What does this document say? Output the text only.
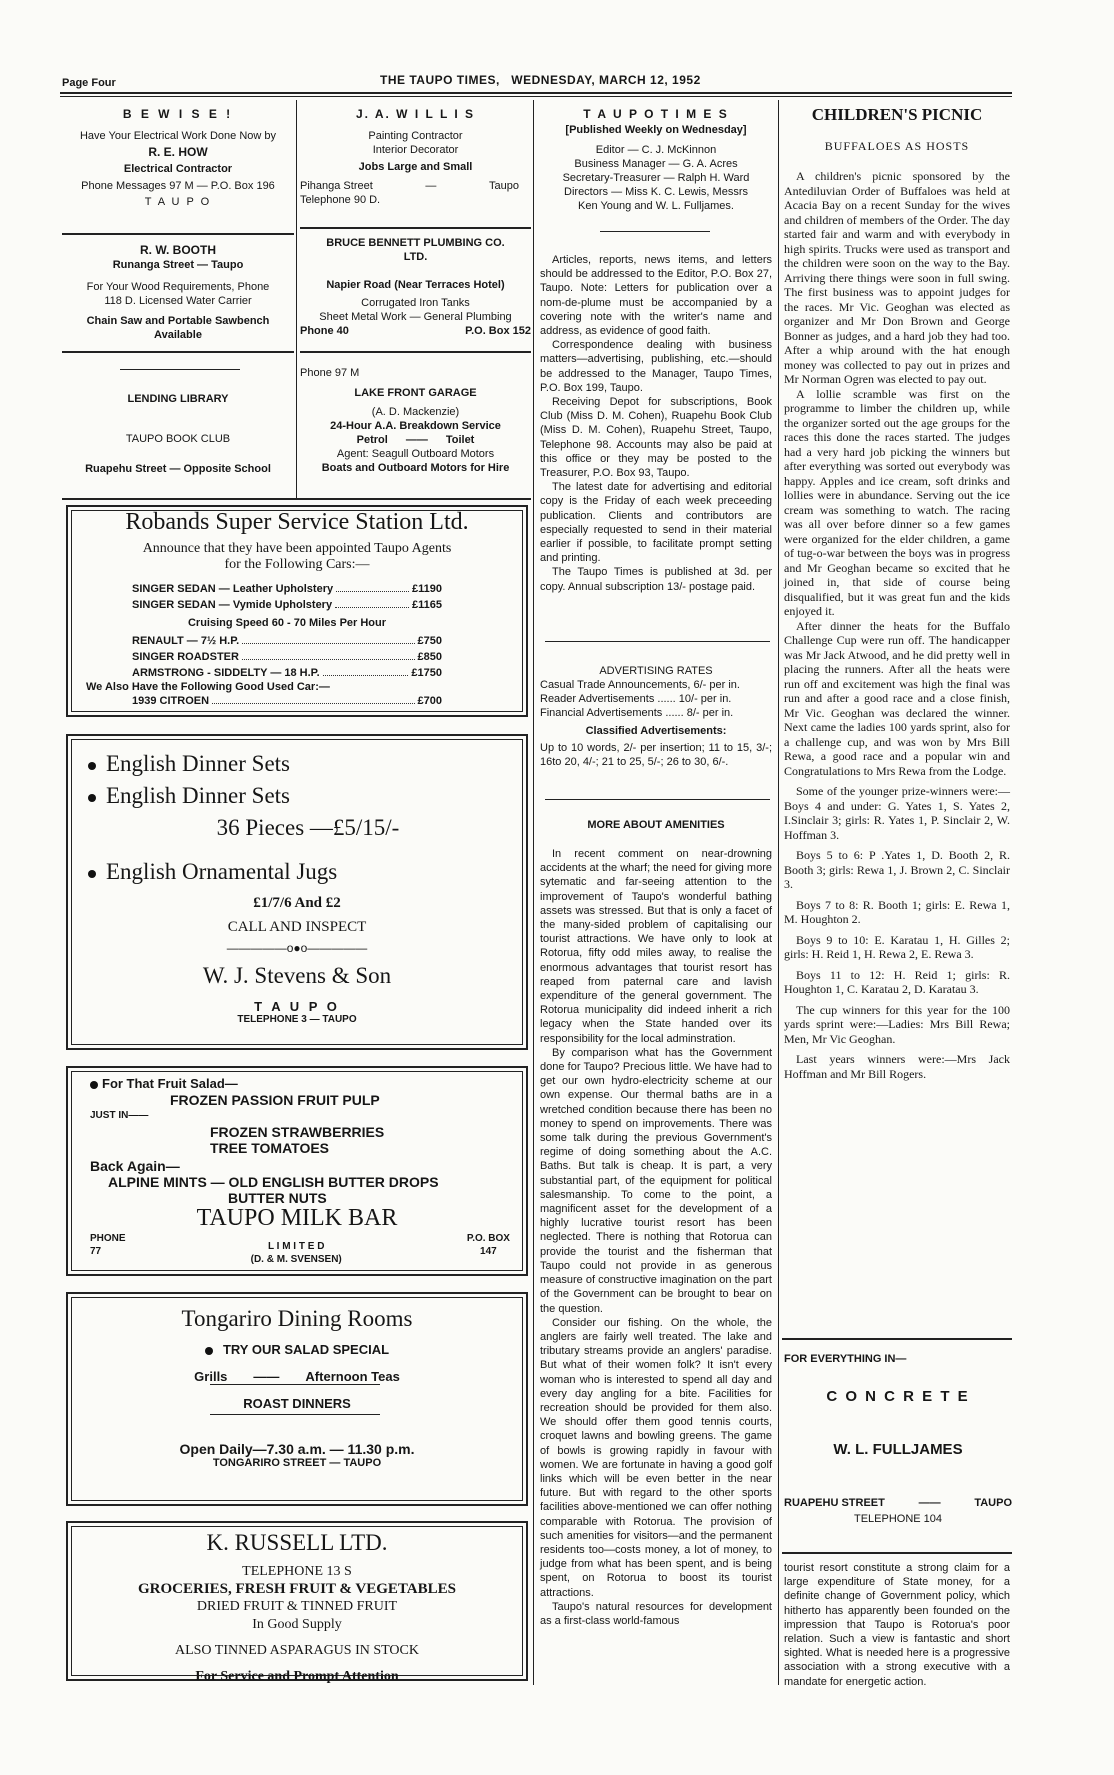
Page Four	THE TAUPO TIMES, WEDNESDAY, MARCH 12, 1952
B E W I S E !
Have Your Electrical Work Done Now by
R. E. HOW
Electrical Contractor
Phone Messages 97 M — P.O. Box 196
T A U P O
R. W. BOOTH
Runanga Street — Taupo
For Your Wood Requirements, Phone
118 D. Licensed Water Carrier
Chain Saw and Portable Sawbench
Available
LENDING LIBRARY
TAUPO BOOK CLUB
Ruapehu Street — Opposite School
J. A. W I L L I S
Painting Contractor
Interior Decorator
Jobs Large and Small
Pihanga Street	—	Taupo
Telephone 90 D.
BRUCE BENNETT PLUMBING CO.
LTD.
Napier Road (Near Terraces Hotel)
Corrugated Iron Tanks
Sheet Metal Work — General Plumbing
Phone 40	P.O. Box 152
Phone 97 M
LAKE FRONT GARAGE
(A. D. Mackenzie)
24-Hour A.A. Breakdown Service
Petrol —— Toilet
Agent: Seagull Outboard Motors
Boats and Outboard Motors for Hire
Robands Super Service Station Ltd.
Announce that they have been appointed Taupo Agents
for the Following Cars:—
SINGER SEDAN — Leather Upholstery	£1190
SINGER SEDAN — Vymide Upholstery	£1165
Cruising Speed 60 - 70 Miles Per Hour
RENAULT — 7½ H.P.	£750
SINGER ROADSTER	£850
ARMSTRONG - SIDDELTY — 18 H.P.	£1750
We Also Have the Following Good Used Car:—
1939 CITROEN	£700
English Dinner Sets
English Dinner Sets
36 Pieces —£5/15/-
English Ornamental Jugs
£1/7/6 And £2
CALL AND INSPECT
—————o●o—————
W. J. Stevens & Son
T A U P O
TELEPHONE 3 — TAUPO
For That Fruit Salad—
FROZEN PASSION FRUIT PULP
JUST IN——
FROZEN STRAWBERRIES
TREE TOMATOES
Back Again—
ALPINE MINTS — OLD ENGLISH BUTTER DROPS
BUTTER NUTS
TAUPO MILK BAR
PHONE
77	L I M I T E D
(D. & M. SVENSEN)
P.O. BOX
147
Tongariro Dining Rooms
TRY OUR SALAD SPECIAL
Grills —— Afternoon Teas
ROAST DINNERS
Open Daily—7.30 a.m. — 11.30 p.m.
TONGARIRO STREET — TAUPO
K. RUSSELL LTD.
TELEPHONE 13 S
GROCERIES, FRESH FRUIT & VEGETABLES
DRIED FRUIT & TINNED FRUIT
In Good Supply
ALSO TINNED ASPARAGUS IN STOCK
For Service and Prompt Attention
T A U P O T I M E S
[Published Weekly on Wednesday]
Editor — C. J. McKinnon
Business Manager — G. A. Acres
Secretary-Treasurer — Ralph H. Ward
Directors — Miss K. C. Lewis, Messrs
Ken Young and W. L. Fulljames.

Articles, reports, news items, and letters should be addressed to the Editor, P.O. Box 27, Taupo. Note: Letters for publication over a nom-de-plume must be accompanied by a covering note with the writer's name and address, as evidence of good faith.

Correspondence dealing with business matters—advertising, publishing, etc.—should be addressed to the Manager, Taupo Times, P.O. Box 199, Taupo.

Receiving Depot for subscriptions, Book Club (Miss D. M. Cohen), Ruapehu Book Club (Miss D. M. Cohen), Ruapehu Street, Taupo, Telephone 98. Accounts may also be paid at this office or they may be posted to the Treasurer, P.O. Box 93, Taupo.

The latest date for advertising and editorial copy is the Friday of each week preceeding publication. Clients and contributors are especially requested to send in their material earlier if possible, to facilitate prompt setting and printing.

The Taupo Times is published at 3d. per copy. Annual subscription 13/- postage paid.

ADVERTISING RATES
Casual Trade Announcements, 6/- per in.
Reader Advertisements ...... 10/- per in.
Financial Advertisements ...... 8/- per in.
Classified Advertisements:
Up to 10 words, 2/- per insertion; 11 to 15, 3/-; 16to 20, 4/-; 21 to 25, 5/-; 26 to 30, 6/-.
MORE ABOUT AMENITIES

In recent comment on near-drowning accidents at the wharf; the need for giving more sytematic and far-seeing attention to the improvement of Taupo's wonderful bathing assets was stressed. But that is only a facet of the many-sided problem of capitalising our tourist attractions. We have only to look at Rotorua, fifty odd miles away, to realise the enormous advantages that tourist resort has reaped from paternal care and lavish expenditure of the general government. The Rotorua municipality did indeed inherit a rich legacy when the State handed over its responsibility for the local adminstration.

By comparison what has the Government done for Taupo? Precious little. We have had to get our own hydro-electricity scheme at our own expense. Our thermal baths are in a wretched condition because there has been no money to spend on improvements. There was some talk during the previous Government's regime of doing something about the A.C. Baths. But talk is cheap. It is part, a very substantial part, of the equipment for political salesmanship. To come to the point, a magnificent asset for the development of a highly lucrative tourist resort has been neglected. There is nothing that Rotorua can provide the tourist and the fisherman that Taupo could not provide in as generous measure of constructive imagination on the part of the Government can be brought to bear on the question.

Consider our fishing. On the whole, the anglers are fairly well treated. The lake and tributary streams provide an anglers' paradise. But what of their women folk? It isn't every woman who is interested to spend all day and every day angling for a bite. Facilities for recreation should be provided for them also. We should offer them good tennis courts, croquet lawns and bowling greens. The game of bowls is growing rapidly in favour with women. We are fortunate in having a good golf links which will be even better in the near future. But with regard to the other sports facilities above-mentioned we can offer nothing comparable with Rotorua. The provision of such amenities for visitors—and the permanent residents too—costs money, a lot of money, to judge from what has been spent, and is being spent, on Rotorua to boost its tourist attractions.

Taupo's natural resources for development as a first-class world-famous

CHILDREN'S PICNIC
BUFFALOES AS HOSTS

A children's picnic sponsored by the Antediluvian Order of Buffaloes was held at Acacia Bay on a recent Sunday for the wives and children of members of the Order. The day started fair and warm and with everybody in high spirits. Trucks were used as transport and the children were soon on the way to the Bay. Arriving there things were soon in full swing. The first business was to appoint judges for the races. Mr Vic. Geoghan was elected as organizer and Mr Don Brown and George Bonner as judges, and a hard job they had too. After a whip around with the hat enough money was collected to pay out in prizes and Mr Norman Ogren was elected to pay out.

A lollie scramble was first on the programme to limber the children up, while the organizer sorted out the age groups for the races this done the races started. The judges had a very hard job picking the winners but after everything was sorted out everybody was happy. Apples and ice cream, soft drinks and lollies were in abundance. Serving out the ice cream was something to watch. The racing was all over before dinner so a few games were organized for the elder children, a game of tug-o-war between the boys was in progress and Mr Geoghan became so excited that he joined in, that side of course being disqualified, but it was great fun and the kids enjoyed it.

After dinner the heats for the Buffalo Challenge Cup were run off. The handicapper was Mr Jack Atwood, and he did pretty well in placing the runners. After all the heats were run off and excitement was high the final was run and after a good race and a close finish, Mr Vic. Geoghan was declared the winner. Next came the ladies 100 yards sprint, also for a challenge cup, and was won by Mrs Bill Rewa, a good race and a popular win and Congratulations to Mrs Rewa from the Lodge.

Some of the younger prize-winners were:—Boys 4 and under: G. Yates 1, S. Yates 2, I.Sinclair 3; girls: R. Yates 1, P. Sinclair 2, W. Hoffman 3.

Boys 5 to 6: P .Yates 1, D. Booth 2, R. Booth 3; girls: Rewa 1, J. Brown 2, C. Sinclair 3.

Boys 7 to 8: R. Booth 1; girls: E. Rewa 1, M. Houghton 2.

Boys 9 to 10: E. Karatau 1, H. Gilles 2; girls: H. Reid 1, H. Rewa 2, E. Rewa 3.

Boys 11 to 12: H. Reid 1; girls: R. Houghton 1, C. Karatau 2, D. Karatau 3.

The cup winners for this year for the 100 yards sprint were:—Ladies: Mrs Bill Rewa; Men, Mr Vic Geoghan.

Last years winners were:—Mrs Jack Hoffman and Mr Bill Rogers.

FOR EVERYTHING IN—
C O N C R E T E
W. L. FULLJAMES
RUAPEHU STREET	——	TAUPO
TELEPHONE 104
tourist resort constitute a strong claim for a large expenditure of State money, for a definite change of Government policy, which hitherto has apparently been founded on the impression that Taupo is Rotorua's poor relation. Such a view is fantastic and short sighted. What is needed here is a progressive association with a strong executive with a mandate for energetic action.
